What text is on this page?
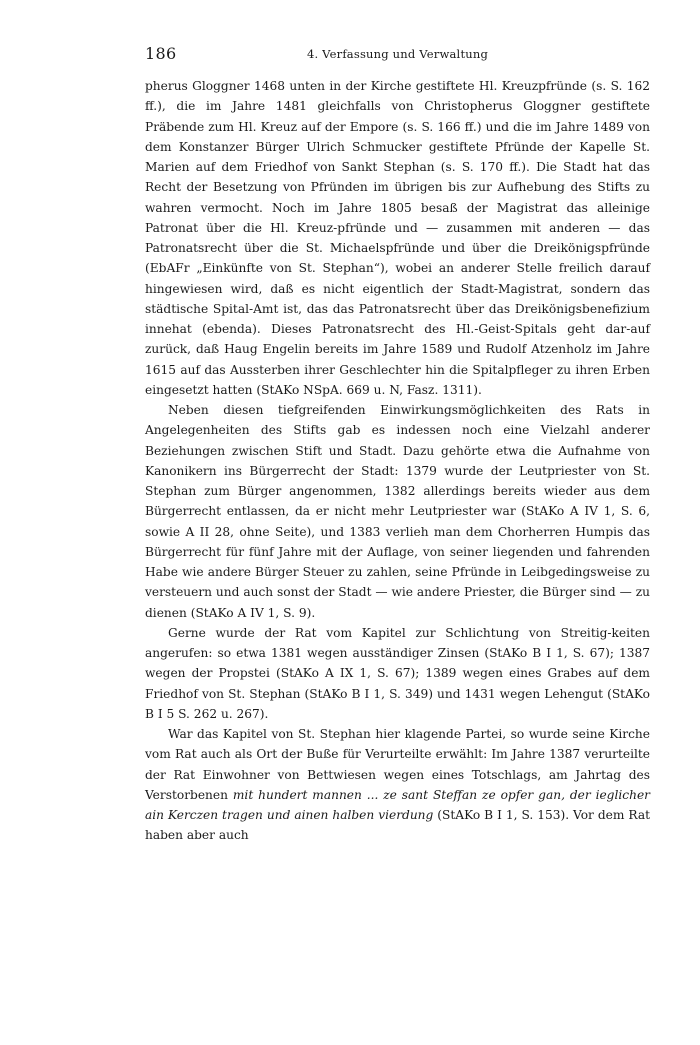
186	4. Verfassung und Verwaltung

pherus Gloggner 1468 unten in der Kirche gestiftete Hl. Kreuzpfründe (s. S. 162 ff.), die im Jahre 1481 gleichfalls von Christopherus Gloggner gestiftete Präbende zum Hl. Kreuz auf der Empore (s. S. 166 ff.) und die im Jahre 1489 von dem Konstanzer Bürger Ulrich Schmucker gestiftete Pfründe der Kapelle St. Marien auf dem Friedhof von Sankt Stephan (s. S. 170 ff.). Die Stadt hat das Recht der Besetzung von Pfründen im übrigen bis zur Aufhebung des Stifts zu wahren vermocht. Noch im Jahre 1805 besaß der Magistrat das alleinige Patronat über die Hl. Kreuz-pfründe und — zusammen mit anderen — das Patronatsrecht über die St. Michaelspfründe und über die Dreikönigspfründe (EbAFr „Einkünfte von St. Stephan“), wobei an anderer Stelle freilich darauf hingewiesen wird, daß es nicht eigentlich der Stadt-Magistrat, sondern das städtische Spital-Amt ist, das das Patronatsrecht über das Dreikönigsbenefizium innehat (ebenda). Dieses Patronatsrecht des Hl.-Geist-Spitals geht dar-auf zurück, daß Haug Engelin bereits im Jahre 1589 und Rudolf Atzenholz im Jahre 1615 auf das Aussterben ihrer Geschlechter hin die Spitalpfleger zu ihren Erben eingesetzt hatten (StAKo NSpA. 669 u. N, Fasz. 1311).

Neben diesen tiefgreifenden Einwirkungsmöglichkeiten des Rats in Angelegenheiten des Stifts gab es indessen noch eine Vielzahl anderer Beziehungen zwischen Stift und Stadt. Dazu gehörte etwa die Aufnahme von Kanonikern ins Bürgerrecht der Stadt: 1379 wurde der Leutpriester von St. Stephan zum Bürger angenommen, 1382 allerdings bereits wieder aus dem Bürgerrecht entlassen, da er nicht mehr Leutpriester war (StAKo A IV 1, S. 6, sowie A II 28, ohne Seite), und 1383 verlieh man dem Chorherren Humpis das Bürgerrecht für fünf Jahre mit der Auflage, von seiner liegenden und fahrenden Habe wie andere Bürger Steuer zu zahlen, seine Pfründe in Leibgedingsweise zu versteuern und auch sonst der Stadt — wie andere Priester, die Bürger sind — zu dienen (StAKo A IV 1, S. 9).

Gerne wurde der Rat vom Kapitel zur Schlichtung von Streitig-keiten angerufen: so etwa 1381 wegen ausständiger Zinsen (StAKo B I 1, S. 67); 1387 wegen der Propstei (StAKo A IX 1, S. 67); 1389 wegen eines Grabes auf dem Friedhof von St. Stephan (StAKo B I 1, S. 349) und 1431 wegen Lehengut (StAKo B I 5 S. 262 u. 267).

War das Kapitel von St. Stephan hier klagende Partei, so wurde seine Kirche vom Rat auch als Ort der Buße für Verurteilte erwählt: Im Jahre 1387 verurteilte der Rat Einwohner von Bettwiesen wegen eines Totschlags, am Jahrtag des Verstorbenen mit hundert mannen ... ze sant Steffan ze opfer gan, der ieglicher ain Kerczen tragen und ainen halben vierdung (StAKo B I 1, S. 153). Vor dem Rat haben aber auch
